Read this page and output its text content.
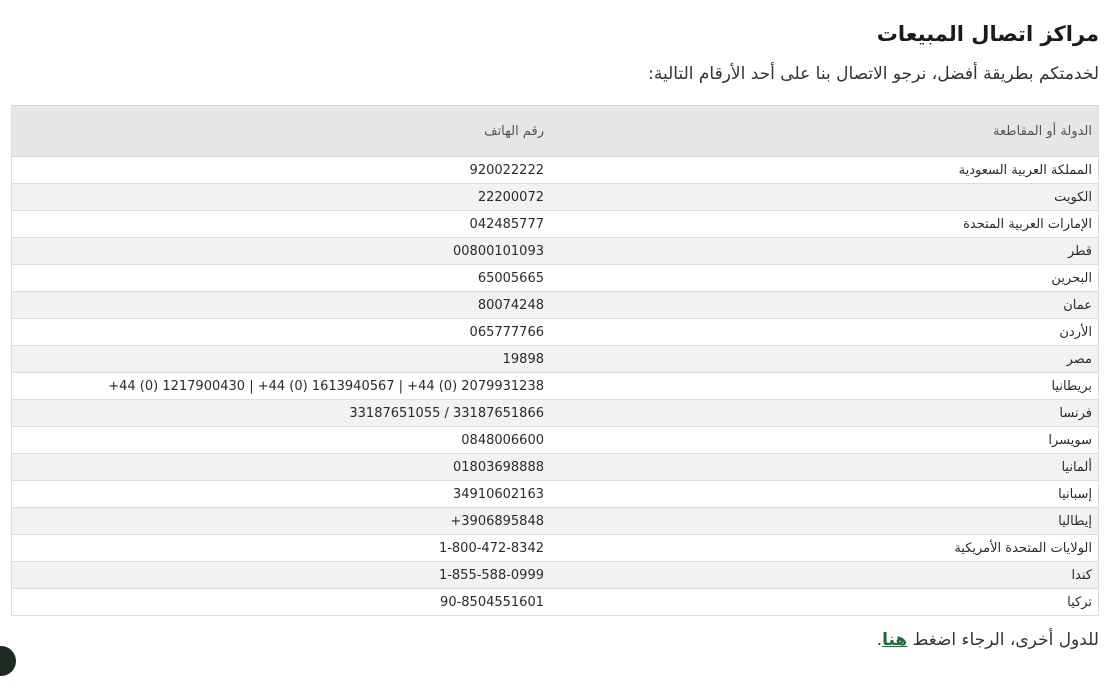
مراكز اتصال المبيعات

لخدمتكم بطريقة أفضل، نرجو الاتصال بنا على أحد الأرقام التالية:

الدولة أو المقاطعة	رقم الهاتف
المملكة العربية السعودية	920022222
الكويت	22200072
الإمارات العربية المتحدة	042485777
قطر	00800101093
البحرين	65005665
عمان	80074248
الأردن	065777766
مصر	19898
بريطانيا	+44 (0) 1217900430 | +44 (0) 1613940567 | +44 (0) 2079931238
فرنسا	33187651055 / 33187651866
سويسرا	0848006600
ألمانيا	01803698888
إسبانيا	34910602163
إيطاليا	+3906895848
الولايات المتحدة الأمريكية	1-800-472-8342
كندا	1-855-588-0999
تركيا	90-8504551601

للدول أخرى، الرجاء اضغط هنا.
